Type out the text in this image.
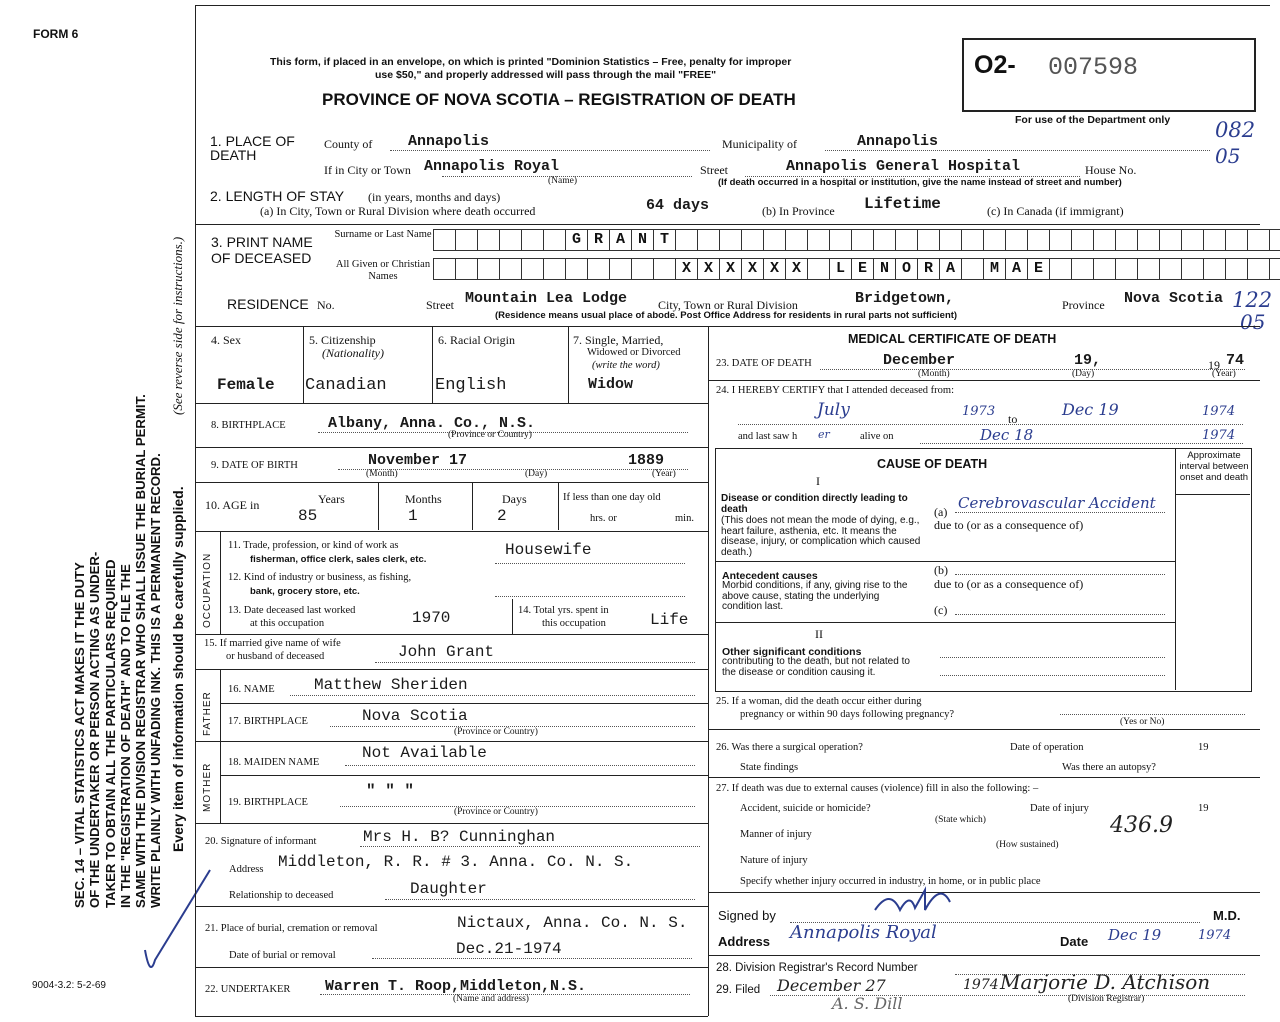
FORM 6
SEC. 14 – VITAL STATISTICS ACT MAKES IT THE DUTY OF THE UNDERTAKER OR PERSON ACTING AS UNDER- TAKER TO OBTAIN ALL THE PARTICULARS REQUIRED IN THE "REGISTRATION OF DEATH" AND TO FILE THE SAME WITH THE DIVISION REGISTRAR WHO SHALL ISSUE THE BURIAL PERMIT. WRITE PLAINLY WITH UNFADING INK. THIS IS A PERMANENT RECORD. Every item of information should be carefully supplied.
(See reverse side for instructions.)
9004-3.2: 5-2-69
This form, if placed in an envelope, on which is printed "Dominion Statistics – Free, penalty for improper
use $50," and properly addressed will pass through the mail "FREE"
PROVINCE OF NOVA SCOTIA – REGISTRATION OF DEATH
O2- 007598
For use of the Department only 082
05
122
05
1. PLACE OF DEATH
County of Annapolis	Municipality of	Annapolis
If in City or Town Annapolis Royal
(Name)
Street	Annapolis General Hospital	House No.
(If death occurred in a hospital or institution, give the name instead of street and number)
2. LENGTH OF STAY (in years, months and days)
(a) In City, Town or Rural Division where death occurred	64 days	(b) In Province Lifetime	(c) In Canada (if immigrant)
3. PRINT NAME OF DECEASED
Surname or Last Name	G R A N T
All Given or Christian Names	X X X X X X	L E N O R A	M A E
RESIDENCE No.	Street Mountain Lea Lodge	City, Town or Rural Division	Bridgetown,	Province Nova Scotia
(Residence means usual place of abode. Post Office Address for residents in rural parts not sufficient)
4. Sex
Female
5. Citizenship
(Nationality)
Canadian
6. Racial Origin
English
7. Single, Married,
Widowed or Divorced
(write the word)
Widow
8. BIRTHPLACE	Albany, Anna. Co., N.S.
(Province or Country)
9. DATE OF BIRTH	November 17	1889
(Month)	(Day)	(Year)
10. AGE in	Years	Months	Days	If less than one day old
85	1	2	hrs. or	min.
OCCUPATION
11. Trade, profession, or kind of work as
fisherman, office clerk, sales clerk, etc.
Housewife
12. Kind of industry or business, as fishing,
bank, grocery store, etc.
13. Date deceased last worked
at this occupation	1970	14. Total yrs. spent in
this occupation	Life
15. If married give name of wife
or husband of deceased	John Grant
FATHER
16. NAME Matthew Sheriden
17. BIRTHPLACE	Nova Scotia
(Province or Country)
MOTHER
18. MAIDEN NAME
Not Available
19. BIRTHPLACE
" " "
(Province or Country)
20. Signature of informant	Mrs H. B? Cunninghan
Address Middleton, R. R. # 3. Anna. Co. N. S.
Relationship to deceased	Daughter
21. Place of burial, cremation or removal	Nictaux, Anna. Co. N. S.
Date of burial or removal	Dec.21-1974
22. UNDERTAKER Warren T. Roop,Middleton,N.S.
(Name and address)
MEDICAL CERTIFICATE OF DEATH
23. DATE OF DEATH	December	19,	19 74
(Month)	(Day)	(Year)
24. I HEREBY CERTIFY that I attended deceased from:
July	1973 to	Dec 19	1974
and last saw h er	alive on	Dec 18	1974
CAUSE OF DEATH
Approximate interval between onset and death
I
Disease or condition directly leading to death
(This does not mean the mode of dying, e.g., heart failure, asthenia, etc. It means the disease, injury, or complication which caused death.)
(a) Cerebrovascular Accident
due to (or as a consequence of)
Antecedent causes
Morbid conditions, if any, giving rise to the above cause, stating the underlying condition last.
(b)
due to (or as a consequence of)
(c)
II
Other significant conditions
contributing to the death, but not related to the disease or condition causing it.
25. If a woman, did the death occur either during
pregnancy or within 90 days following pregnancy?
(Yes or No)
26. Was there a surgical operation?	Date of operation	19
State findings	Was there an autopsy?
27. If death was due to external causes (violence) fill in also the following: –
Accident, suicide or homicide?	Date of injury	19
(State which)
Manner of injury	436.9
(How sustained)
Nature of injury
Specify whether injury occurred in industry, in home, or in public place
Signed by	M.D.
Address Annapolis Royal	Date Dec 19	1974
28. Division Registrar's Record Number
29. Filed December 27	1974 Marjorie D. Atchison
(Division Registrar)
A. S. Dill
